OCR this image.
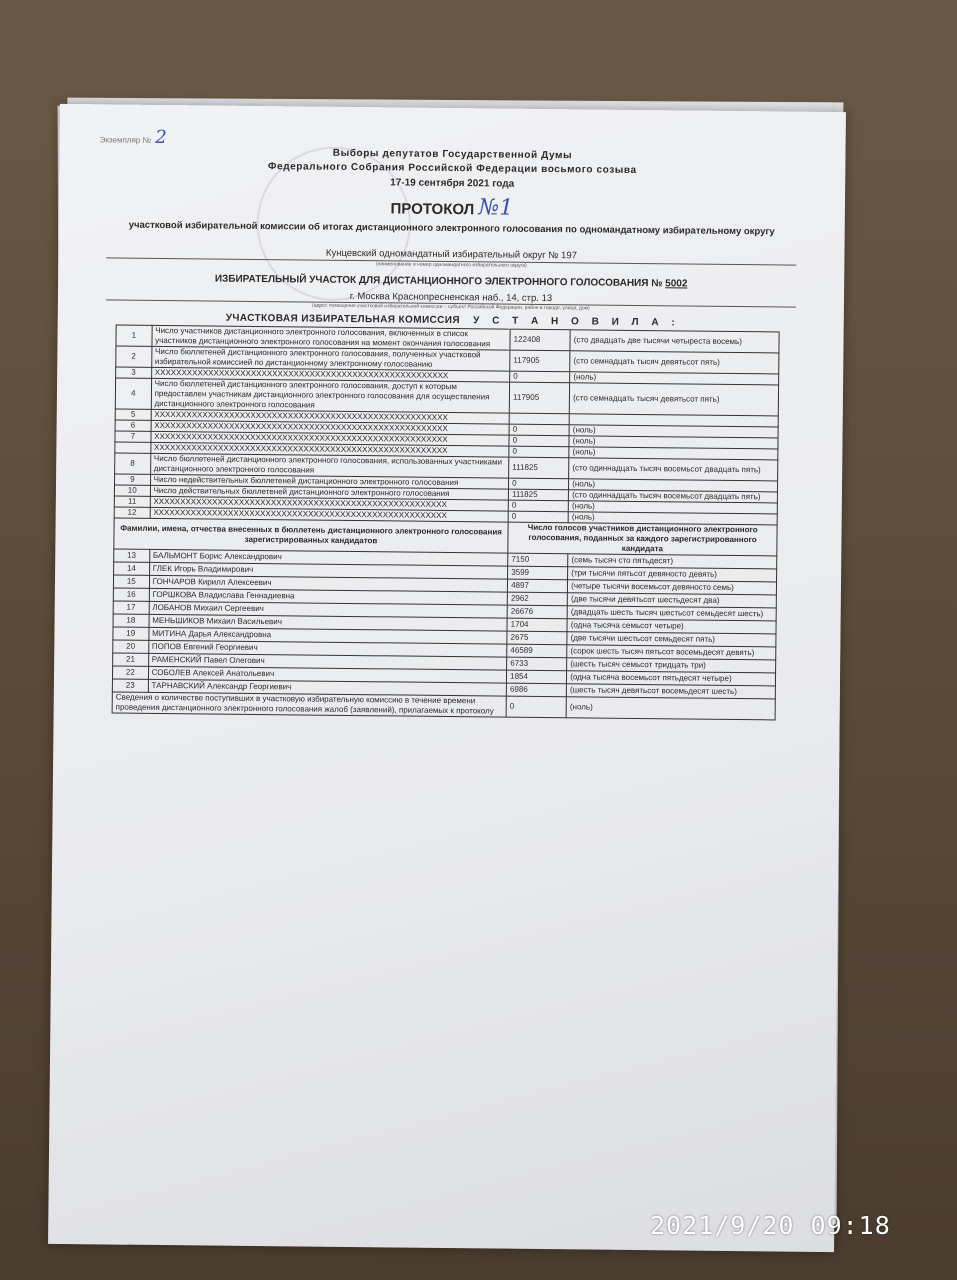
Экземпляр № 2
Выборы депутатов Государственной Думы
Федерального Собрания Российской Федерации восьмого созыва
17-19 сентября 2021 года
ПРОТОКОЛ №1
участковой избирательной комиссии об итогах дистанционного электронного голосования по одномандатному избирательному округу
Кунцевский одномандатный избирательный округ № 197
(наименование и номер одномандатного избирательного округа)
ИЗБИРАТЕЛЬНЫЙ УЧАСТОК ДЛЯ ДИСТАНЦИОННОГО ЭЛЕКТРОННОГО ГОЛОСОВАНИЯ № 5002
г. Москва Краснопресненская наб., 14, стр. 13
(адрес помещения участковой избирательной комиссии – субъект Российской Федерации, район в городе, улица, дом)
УЧАСТКОВАЯ ИЗБИРАТЕЛЬНАЯ КОМИССИЯ У С Т А Н О В И Л А :
1	Число участников дистанционного электронного голосования, включенных в список участников дистанционного электронного голосования на момент окончания голосования	122408	(сто двадцать две тысячи четыреста восемь)
2	Число бюллетеней дистанционного электронного голосования, полученных участковой избирательной комиссией по дистанционному электронному голосованию	117905	(сто семнадцать тысяч девятьсот пять)
3	XXXXXXXXXXXXXXXXXXXXXXXXXXXXXXXXXXXXXXXXXXXXXXXXXXXXXXX	0	(ноль)
4	Число бюллетеней дистанционного электронного голосования, доступ к которым предоставлен участникам дистанционного электронного голосования для осуществления дистанционного электронного голосования	117905	(сто семнадцать тысяч девятьсот пять)
5	XXXXXXXXXXXXXXXXXXXXXXXXXXXXXXXXXXXXXXXXXXXXXXXXXXXXXXX		
6	XXXXXXXXXXXXXXXXXXXXXXXXXXXXXXXXXXXXXXXXXXXXXXXXXXXXXXX	0	(ноль)
7	XXXXXXXXXXXXXXXXXXXXXXXXXXXXXXXXXXXXXXXXXXXXXXXXXXXXXXX	0	(ноль)
	XXXXXXXXXXXXXXXXXXXXXXXXXXXXXXXXXXXXXXXXXXXXXXXXXXXXXXX	0	(ноль)
8	Число бюллетеней дистанционного электронного голосования, использованных участниками дистанционного электронного голосования	111825	(сто одиннадцать тысяч восемьсот двадцать пять)
9	Число недействительных бюллетеней дистанционного электронного голосования	0	(ноль)
10	Число действительных бюллетеней дистанционного электронного голосования	111825	(сто одиннадцать тысяч восемьсот двадцать пять)
11	XXXXXXXXXXXXXXXXXXXXXXXXXXXXXXXXXXXXXXXXXXXXXXXXXXXXXXX	0	(ноль)
12	XXXXXXXXXXXXXXXXXXXXXXXXXXXXXXXXXXXXXXXXXXXXXXXXXXXXXXX	0	(ноль)
Фамилии, имена, отчества внесенных в бюллетень дистанционного электронного голосования зарегистрированных кандидатов		Число голосов участников дистанционного электронного голосования, поданных за каждого зарегистрированного кандидата	
13	БАЛЬМОНТ Борис Александрович	7150	(семь тысяч сто пятьдесят)
14	ГЛЕК Игорь Владимирович	3599	(три тысячи пятьсот девяносто девять)
15	ГОНЧАРОВ Кирилл Алексеевич	4897	(четыре тысячи восемьсот девяносто семь)
16	ГОРШКОВА Владислава Геннадиевна	2962	(две тысячи девятьсот шестьдесят два)
17	ЛОБАНОВ Михаил Сергеевич	26676	(двадцать шесть тысяч шестьсот семьдесят шесть)
18	МЕНЬШИКОВ Михаил Васильевич	1704	(одна тысяча семьсот четыре)
19	МИТИНА Дарья Александровна	2675	(две тысячи шестьсот семьдесят пять)
20	ПОПОВ Евгений Георгиевич	46589	(сорок шесть тысяч пятьсот восемьдесят девять)
21	РАМЕНСКИЙ Павел Олегович	6733	(шесть тысяч семьсот тридцать три)
22	СОБОЛЕВ Алексей Анатольевич	1854	(одна тысяча восемьсот пятьдесят четыре)
23	ТАРНАВСКИЙ Александр Георгиевич	6986	(шесть тысяч девятьсот восемьдесят шесть)
Сведения о количестве поступивших в участковую избирательную комиссию в течение времени проведения дистанционного электронного голосования жалоб (заявлений), прилагаемых к протоколу		0	(ноль)
2021/9/20 09:18
